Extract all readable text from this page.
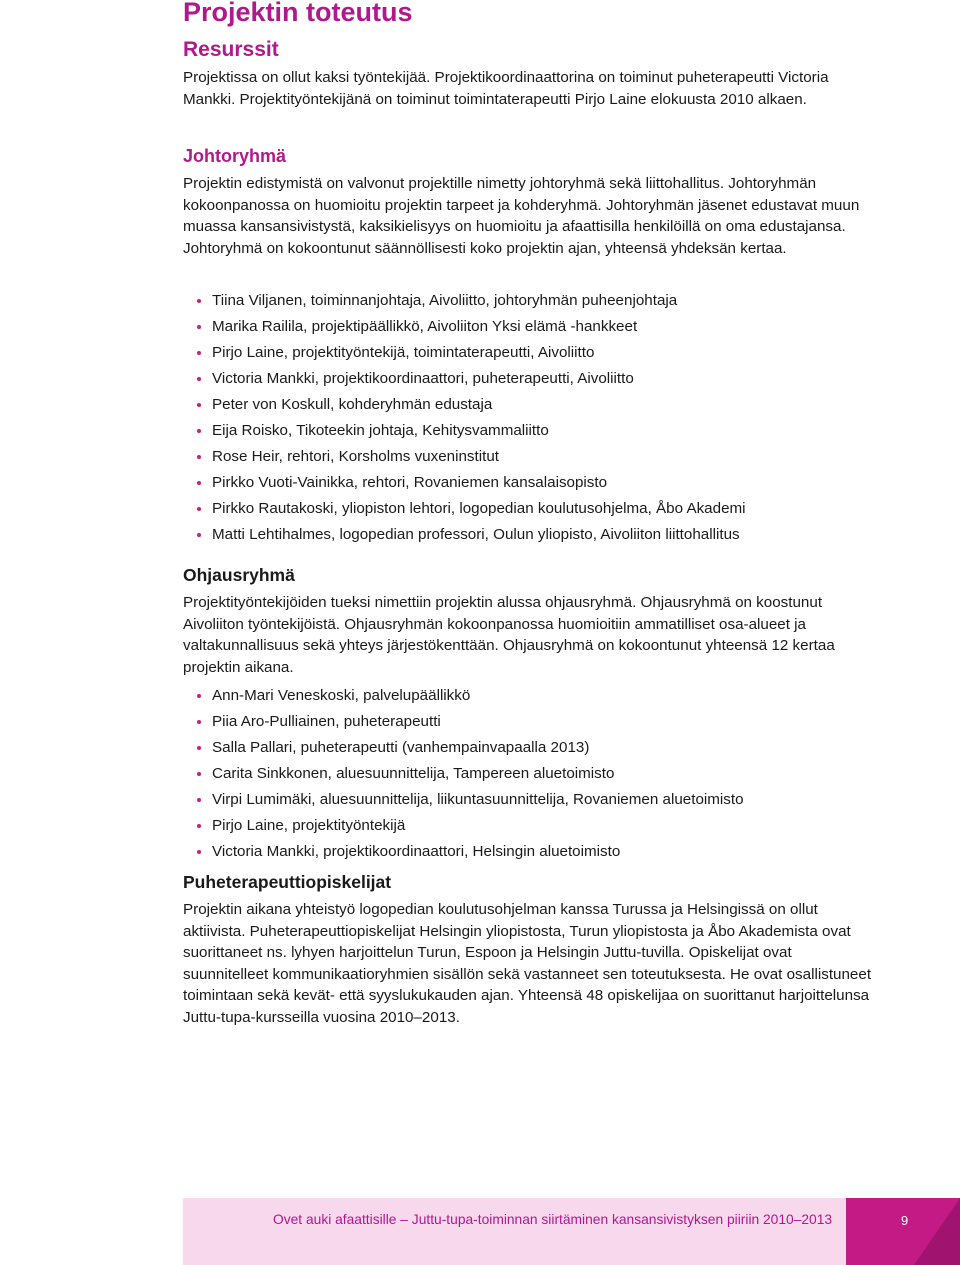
Projektin toteutus
Resurssit

Projektissa on ollut kaksi työntekijää. Projektikoordinaattorina on toiminut puheterapeutti Victoria Mankki. Projektityöntekijänä on toiminut toimintaterapeutti Pirjo Laine elokuusta 2010 alkaen.

Johtoryhmä

Projektin edistymistä on valvonut projektille nimetty johtoryhmä sekä liittohallitus. Johtoryhmän kokoonpanossa on huomioitu projektin tarpeet ja kohderyhmä. Johtoryhmän jäsenet edustavat muun muassa kansansivistystä, kaksikielisyys on huomioitu ja afaattisilla henkilöillä on oma edustajansa. Johtoryhmä on kokoontunut säännöllisesti koko projektin ajan, yhteensä yhdeksän kertaa.

Tiina Viljanen, toiminnanjohtaja, Aivoliitto, johtoryhmän puheenjohtaja
Marika Railila, projektipäällikkö, Aivoliiton Yksi elämä -hankkeet
Pirjo Laine, projektityöntekijä, toimintaterapeutti, Aivoliitto
Victoria Mankki, projektikoordinaattori, puheterapeutti, Aivoliitto
Peter von Koskull, kohderyhmän edustaja
Eija Roisko, Tikoteekin johtaja, Kehitysvammaliitto
Rose Heir, rehtori, Korsholms vuxeninstitut
Pirkko Vuoti-Vainikka, rehtori, Rovaniemen kansalaisopisto
Pirkko Rautakoski, yliopiston lehtori, logopedian koulutusohjelma, Åbo Akademi
Matti Lehtihalmes, logopedian professori, Oulun yliopisto, Aivoliiton liittohallitus
Ohjausryhmä

Projektityöntekijöiden tueksi nimettiin projektin alussa ohjausryhmä. Ohjausryhmä on koostunut Aivoliiton työntekijöistä. Ohjausryhmän kokoonpanossa huomioitiin ammatilliset osa-alueet ja valtakunnallisuus sekä yhteys järjestökenttään. Ohjausryhmä on kokoontunut yhteensä 12 kertaa projektin aikana.

Ann-Mari Veneskoski, palvelupäällikkö
Piia Aro-Pulliainen, puheterapeutti
Salla Pallari, puheterapeutti (vanhempainvapaalla 2013)
Carita Sinkkonen, aluesuunnittelija, Tampereen aluetoimisto
Virpi Lumimäki, aluesuunnittelija, liikuntasuunnittelija, Rovaniemen aluetoimisto
Pirjo Laine, projektityöntekijä
Victoria Mankki, projektikoordinaattori, Helsingin aluetoimisto
Puheterapeuttiopiskelijat

Projektin aikana yhteistyö logopedian koulutusohjelman kanssa Turussa ja Helsingissä on ollut aktiivista. Puheterapeuttiopiskelijat Helsingin yliopistosta, Turun yliopistosta ja Åbo Akademista ovat suorittaneet ns. lyhyen harjoittelun Turun, Espoon ja Helsingin Juttu-tuvilla. Opiskelijat ovat suunnitelleet kommunikaatioryhmien sisällön sekä vastanneet sen toteutuksesta. He ovat osallistuneet toimintaan sekä kevät- että syyslukukauden ajan. Yhteensä 48 opiskelijaa on suorittanut harjoittelunsa Juttu-tupa-kursseilla vuosina 2010–2013.

Ovet auki afaattisille – Juttu-tupa-toiminnan siirtäminen kansansivistyksen piiriin 2010–2013	9
